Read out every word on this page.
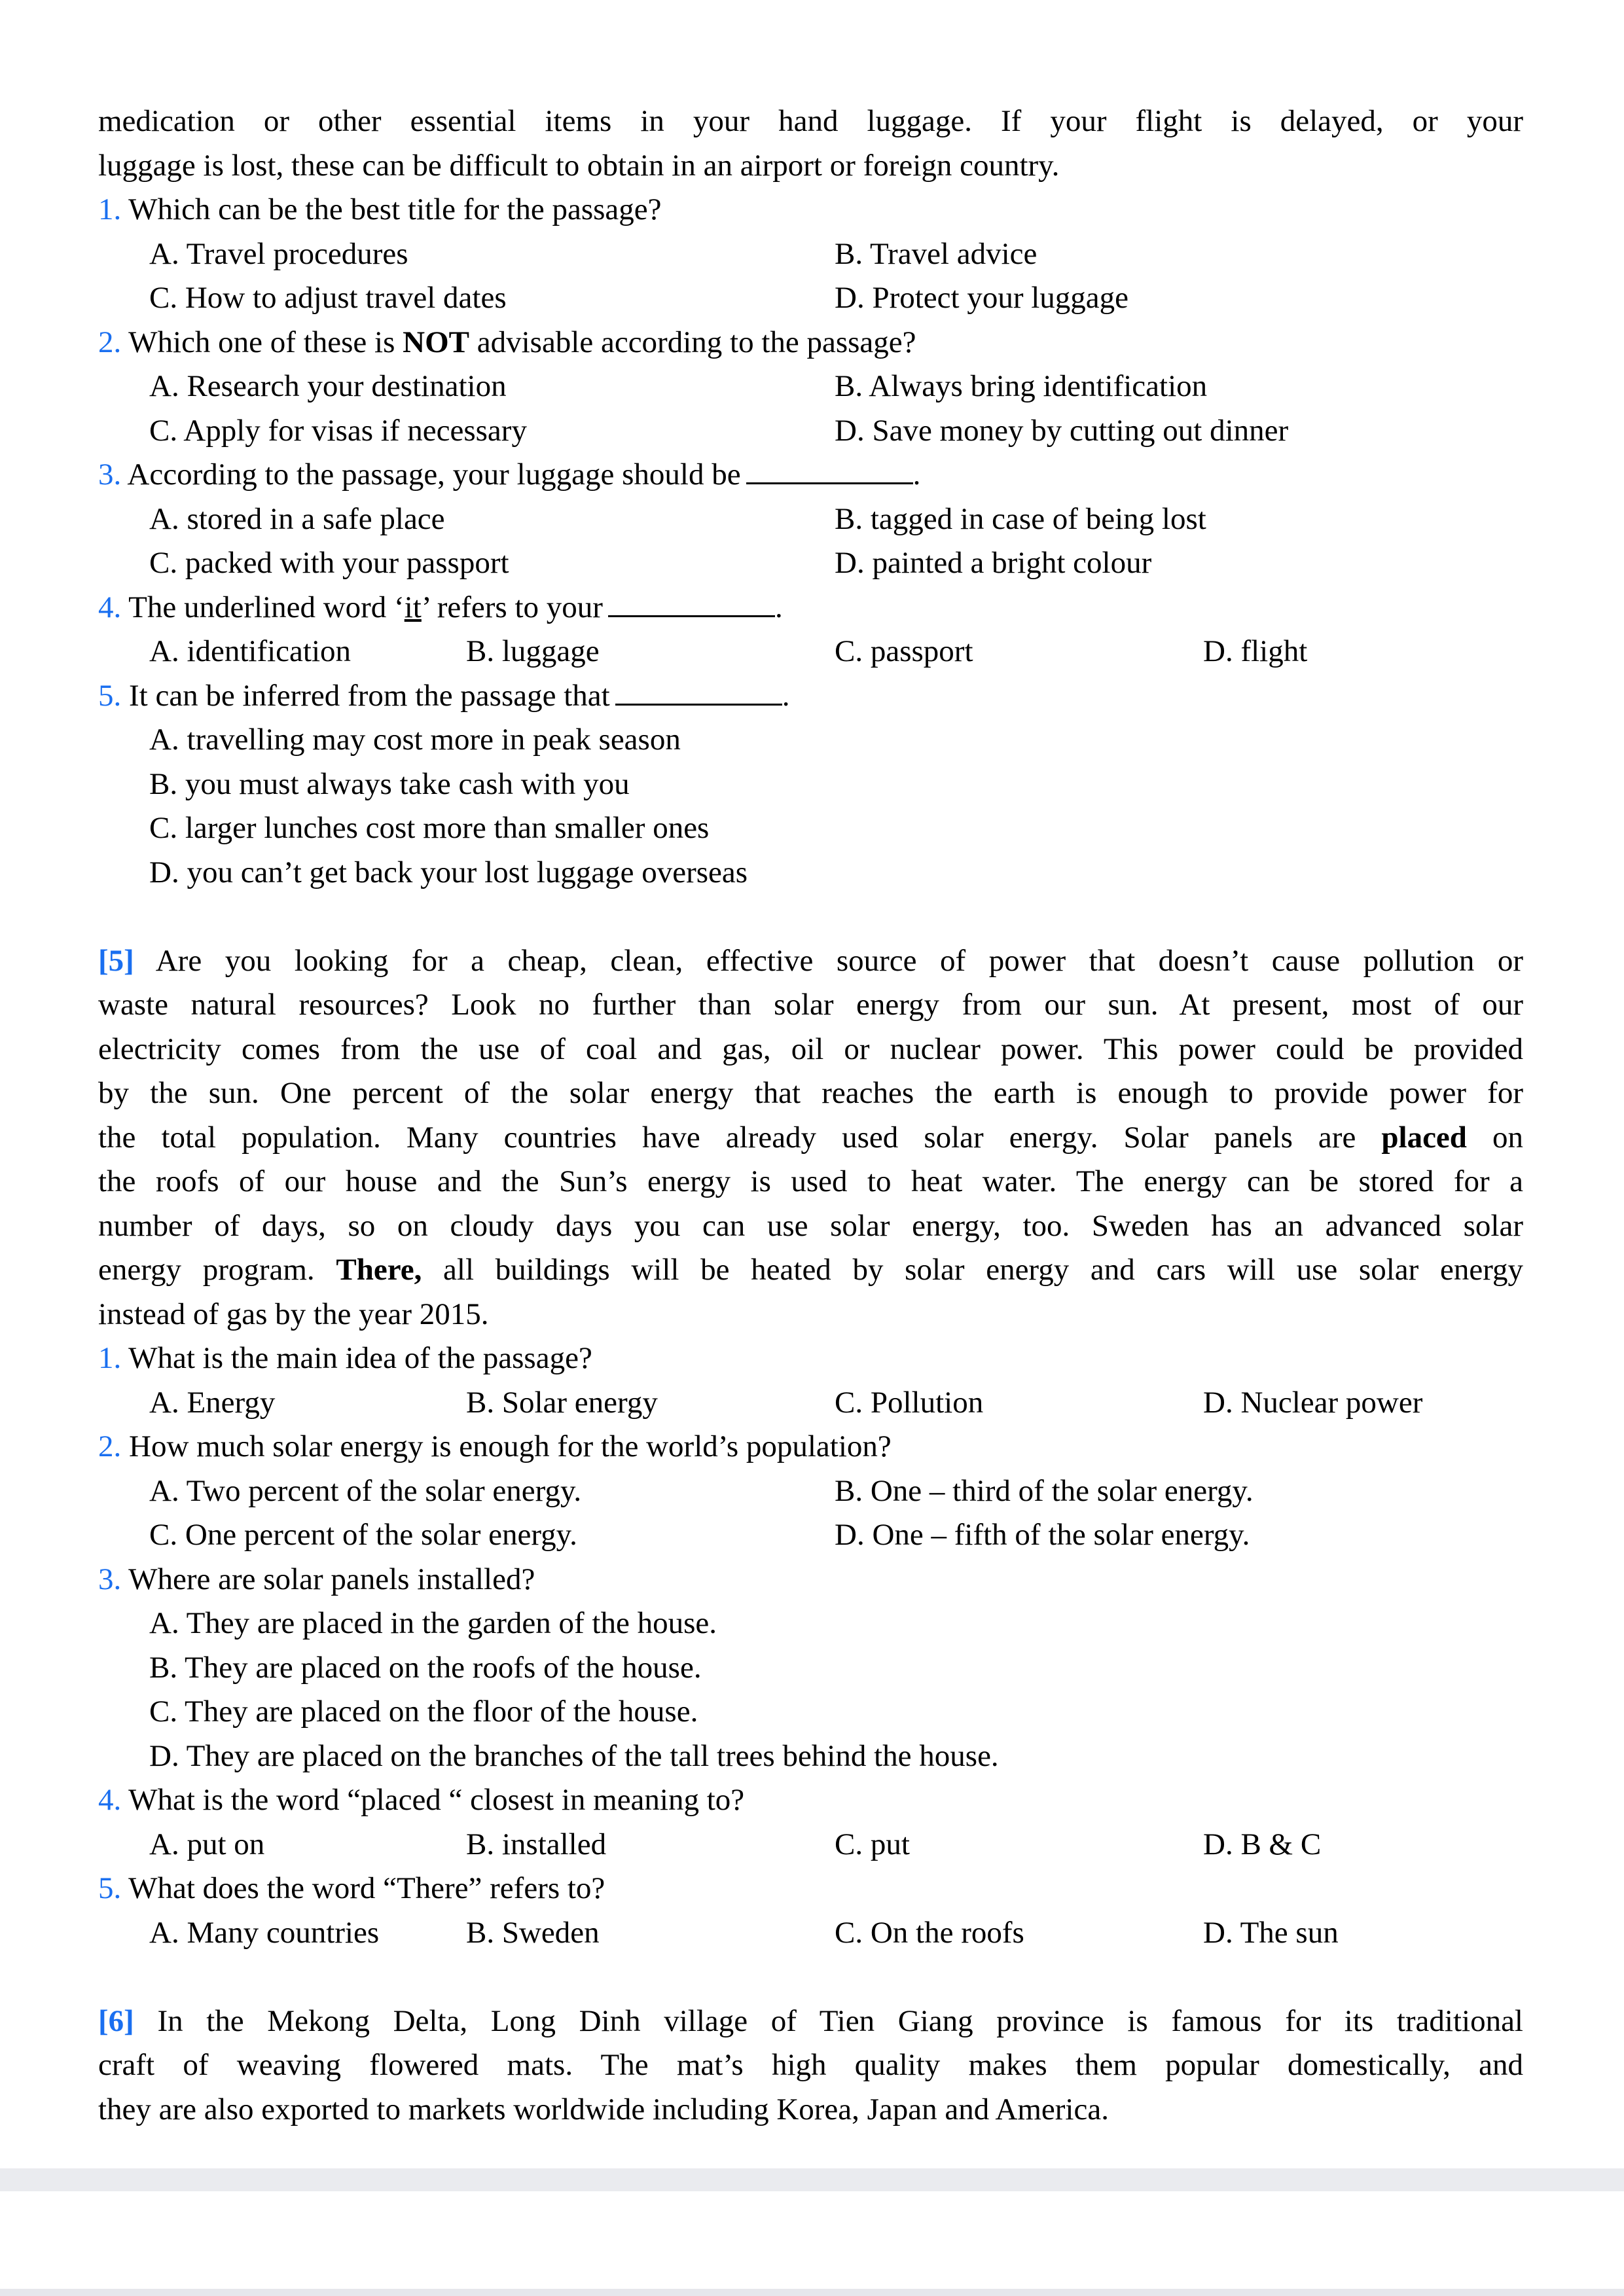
medication or other essential items in your hand luggage. If your flight is delayed, or your
luggage is lost, these can be difficult to obtain in an airport or foreign country.
1. Which can be the best title for the passage?
A. Travel procedures	B. Travel advice
C. How to adjust travel dates	D. Protect your luggage
2. Which one of these is NOT advisable according to the passage?
A. Research your destination	B. Always bring identification
C. Apply for visas if necessary	D. Save money by cutting out dinner
3. According to the passage, your luggage should be	.
A. stored in a safe place	B. tagged in case of being lost
C. packed with your passport	D. painted a bright colour
4. The underlined word ‘it’ refers to your	.
A. identification	B. luggage	C. passport	D. flight
5. It can be inferred from the passage that	.
A. travelling may cost more in peak season
B. you must always take cash with you
C. larger lunches cost more than smaller ones
D. you can’t get back your lost luggage overseas
[5] Are you looking for a cheap, clean, effective source of power that doesn’t cause pollution or
waste natural resources? Look no further than solar energy from our sun. At present, most of our
electricity comes from the use of coal and gas, oil or nuclear power. This power could be provided
by the sun. One percent of the solar energy that reaches the earth is enough to provide power for
the total population. Many countries have already used solar energy. Solar panels are placed on
the roofs of our house and the Sun’s energy is used to heat water. The energy can be stored for a
number of days, so on cloudy days you can use solar energy, too. Sweden has an advanced solar
energy program. There, all buildings will be heated by solar energy and cars will use solar energy
instead of gas by the year 2015.
1. What is the main idea of the passage?
A. Energy	B. Solar energy	C. Pollution	D. Nuclear power
2. How much solar energy is enough for the world’s population?
A. Two percent of the solar energy.	B. One – third of the solar energy.
C. One percent of the solar energy.	D. One – fifth of the solar energy.
3. Where are solar panels installed?
A. They are placed in the garden of the house.
B. They are placed on the roofs of the house.
C. They are placed on the floor of the house.
D. They are placed on the branches of the tall trees behind the house.
4. What is the word “placed “ closest in meaning to?
A. put on	B. installed	C. put	D. B & C
5. What does the word “There” refers to?
A. Many countries	B. Sweden	C. On the roofs	D. The sun
[6] In the Mekong Delta, Long Dinh village of Tien Giang province is famous for its traditional
craft of weaving flowered mats. The mat’s high quality makes them popular domestically, and
they are also exported to markets worldwide including Korea, Japan and America.
